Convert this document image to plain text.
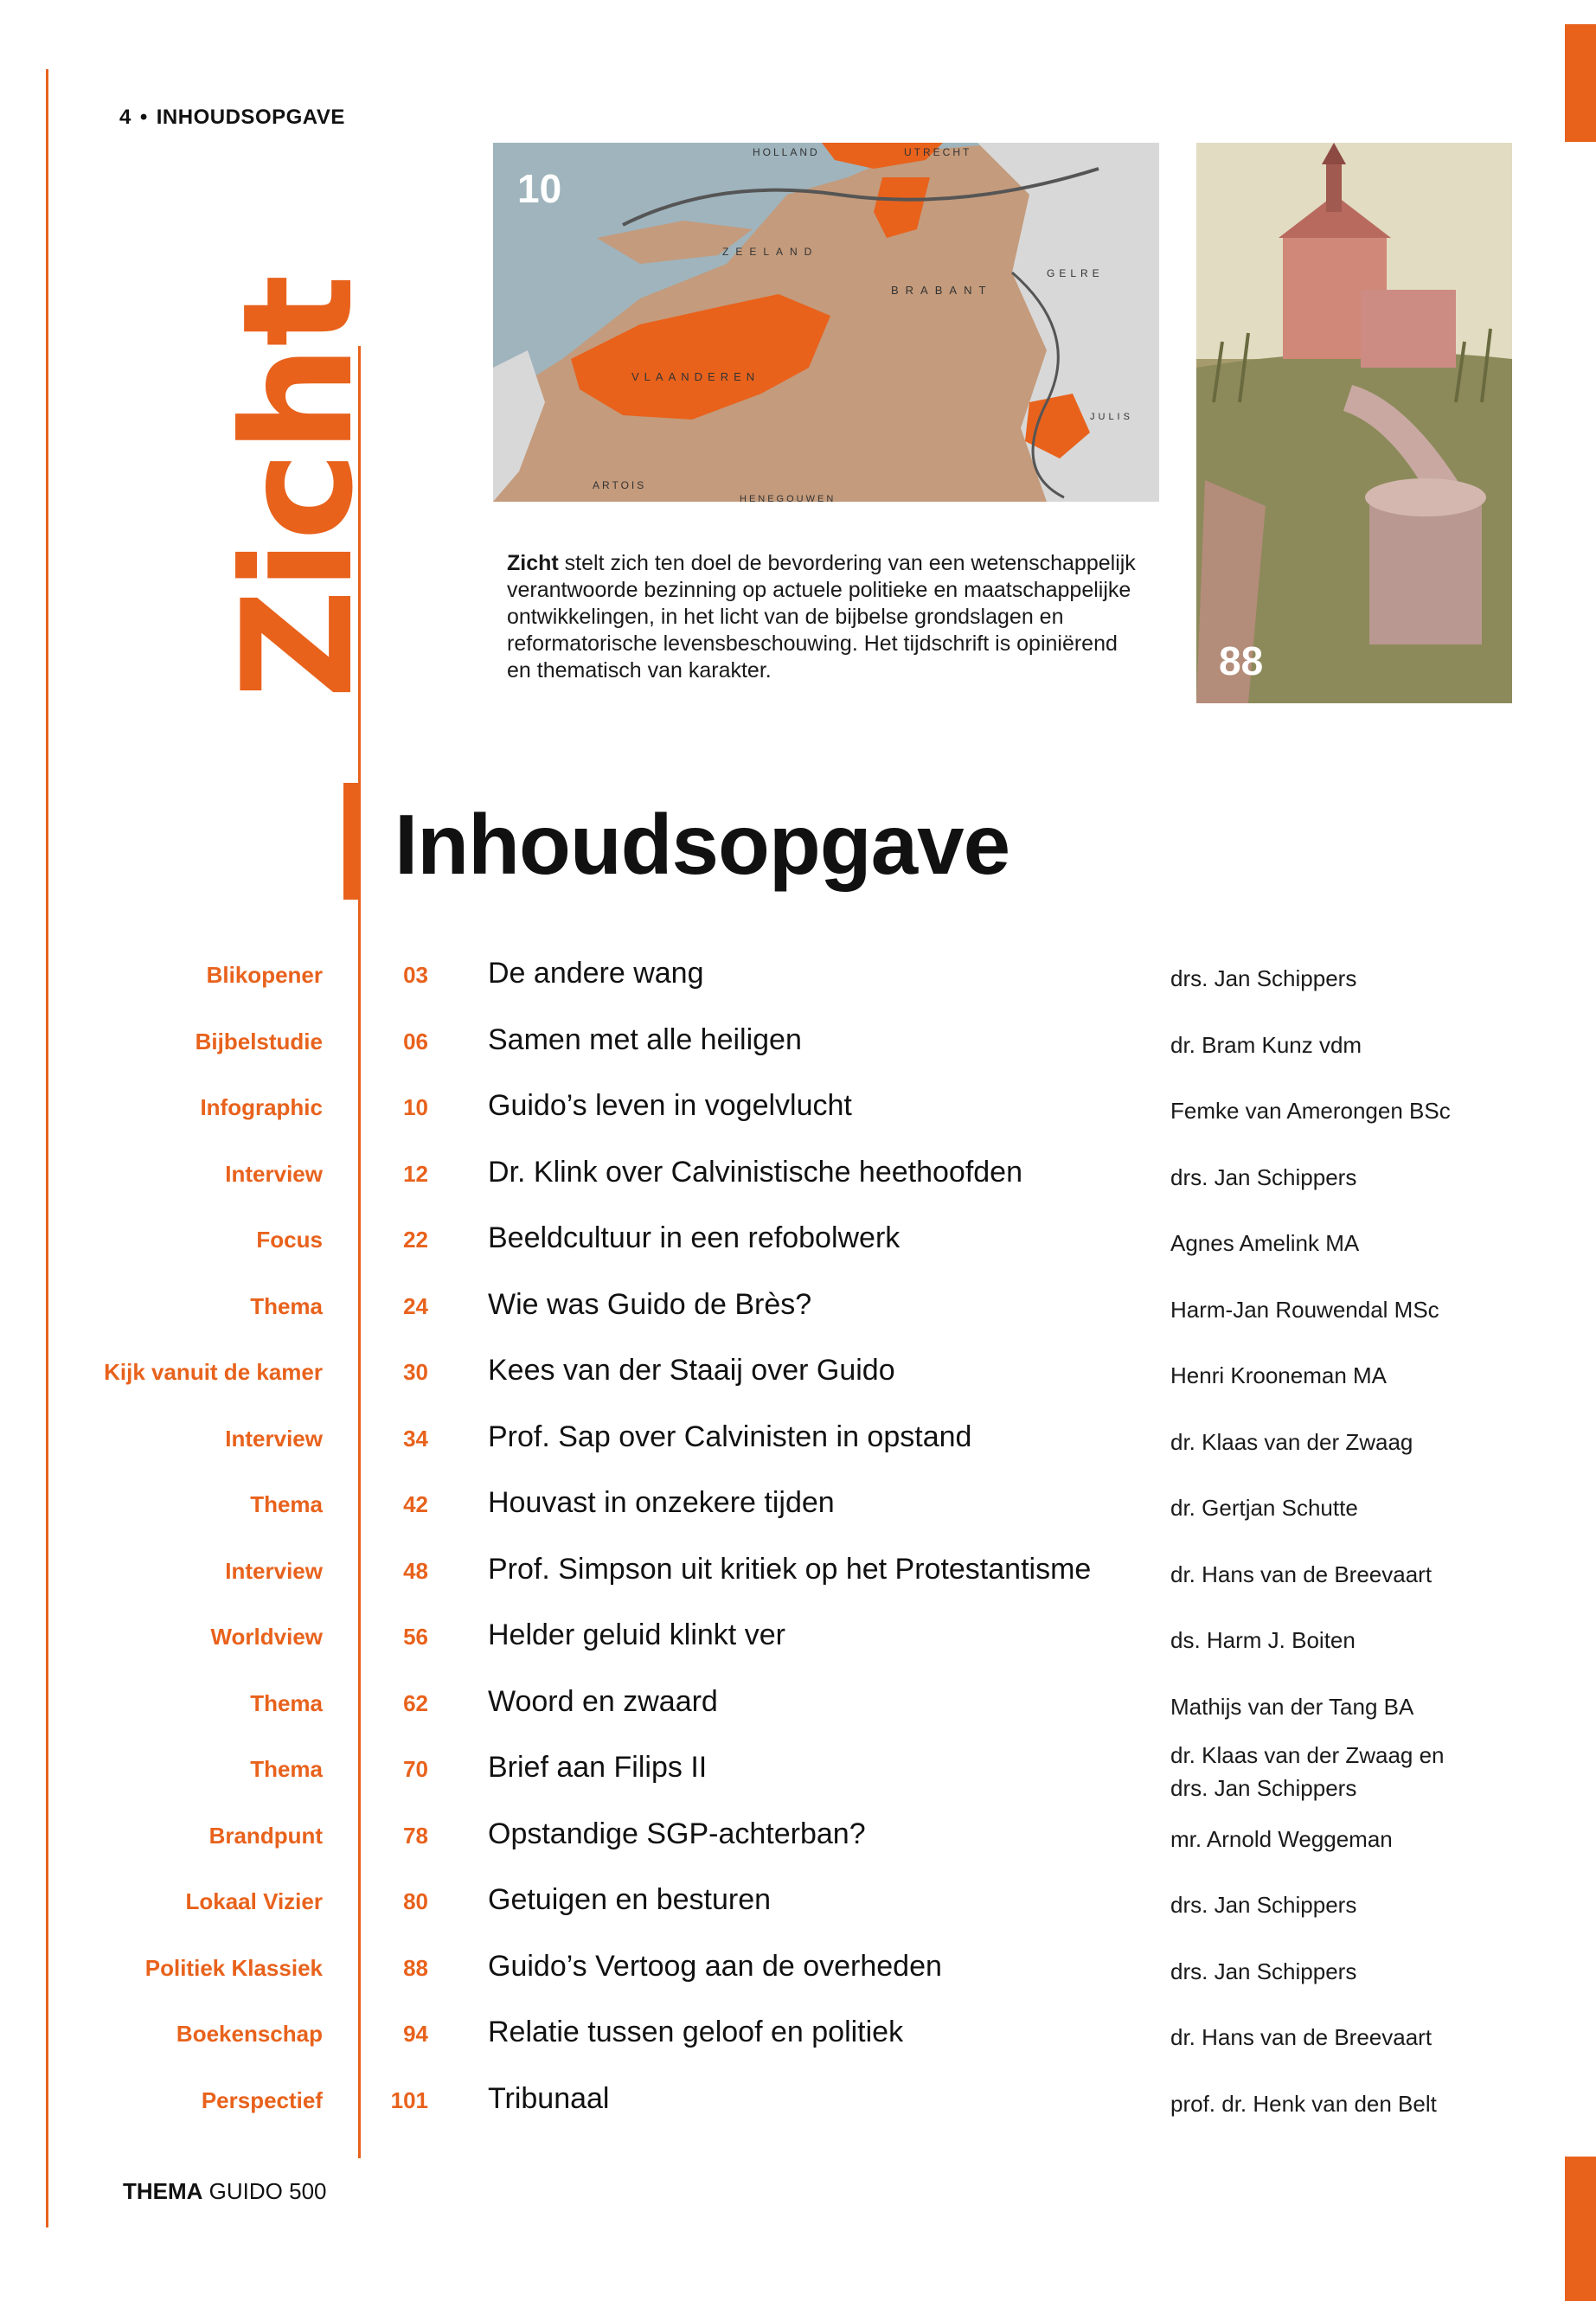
4 • INHOUDSOPGAVE
Zicht
HOLLAND	UTRECHT
ZEELAND
BRABANT
GELRE
VLAANDEREN
ARTOIS
HENEGOUWEN
JULIS
10
88
Zicht stelt zich ten doel de bevordering van een wetenschappelijk verantwoorde bezinning op actuele politieke en maatschappelijke ontwikkelingen, in het licht van de bijbelse grondslagen en reformatorische levensbeschouwing. Het tijdschrift is opiniërend en thematisch van karakter.
Inhoudsopgave
Blikopener	03 De andere wang	drs. Jan Schippers
Bijbelstudie	06 Samen met alle heiligen	dr. Bram Kunz vdm
Infographic	10 Guido’s leven in vogelvlucht	Femke van Amerongen BSc
Interview	12 Dr. Klink over Calvinistische heethoofden	drs. Jan Schippers
Focus	22 Beeldcultuur in een refobolwerk	Agnes Amelink MA
Thema	24 Wie was Guido de Brès?	Harm-Jan Rouwendal MSc
Kijk vanuit de kamer	30 Kees van der Staaij over Guido	Henri Krooneman MA
Interview	34 Prof. Sap over Calvinisten in opstand	dr. Klaas van der Zwaag
Thema	42 Houvast in onzekere tijden	dr. Gertjan Schutte
Interview	48 Prof. Simpson uit kritiek op het Protestantisme	dr. Hans van de Breevaart
Worldview	56 Helder geluid klinkt ver	ds. Harm J. Boiten
Thema	62 Woord en zwaard	Mathijs van der Tang BA
Thema	70 Brief aan Filips II	dr. Klaas van der Zwaag en
drs. Jan Schippers
Brandpunt	78 Opstandige SGP-achterban?	mr. Arnold Weggeman
Lokaal Vizier	80 Getuigen en besturen	drs. Jan Schippers
Politiek Klassiek	88 Guido’s Vertoog aan de overheden	drs. Jan Schippers
Boekenschap	94 Relatie tussen geloof en politiek	dr. Hans van de Breevaart
Perspectief	101 Tribunaal	prof. dr. Henk van den Belt
THEMA GUIDO 500
